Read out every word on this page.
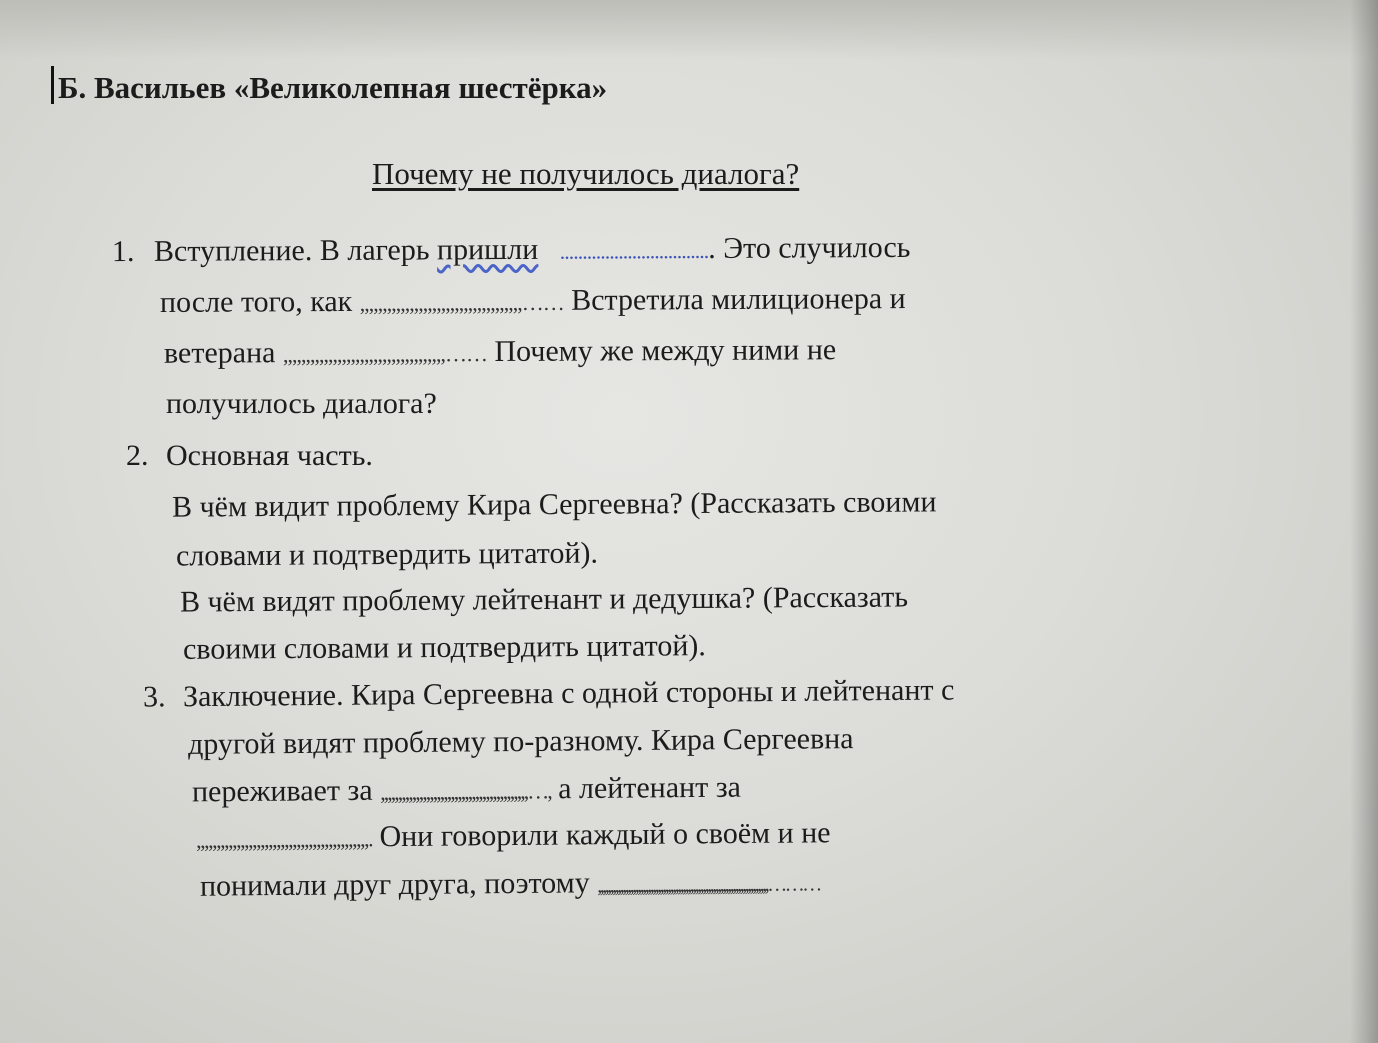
Б. Васильев «Великолепная шестёрка»
Почему не получилось диалога?
1. Вступление. В лагерь пришли .................................. Это случилось
после того, как ,,,,,,,,,,,,,,,,,,,,,,,,,,,,,,,,,,,,…… Встретила милиционера и
ветерана ,,,,,,,,,,,,,,,,,,,,,,,,,,,,,,,,,,,,…… Почему же между ними не
получилось диалога?
2. Основная часть.
В чём видит проблему Кира Сергеевна? (Рассказать своими
словами и подтвердить цитатой).
В чём видят проблему лейтенант и дедушка? (Рассказать
своими словами и подтвердить цитатой).
3. Заключение. Кира Сергеевна с одной стороны и лейтенант с
другой видят проблему по-разному. Кира Сергеевна
переживает за ,,,,,,,,,,,,,,,,,,,,,,,,,,,,,,,,,,,,,,,,,,…, а лейтенант за
,,,,,,,,,,,,,,,,,,,,,,,,,,,,,,,,,,,,,,,,,,,. Они говорили каждый о своём и не
понимали друг друга, поэтому ,,,,,,,,,,,,,,,,,,,,,,,,,,,,,,,,,,,,,,,,,,,,,,,,,,,,,,,,,,,,,,,,,,,,………
